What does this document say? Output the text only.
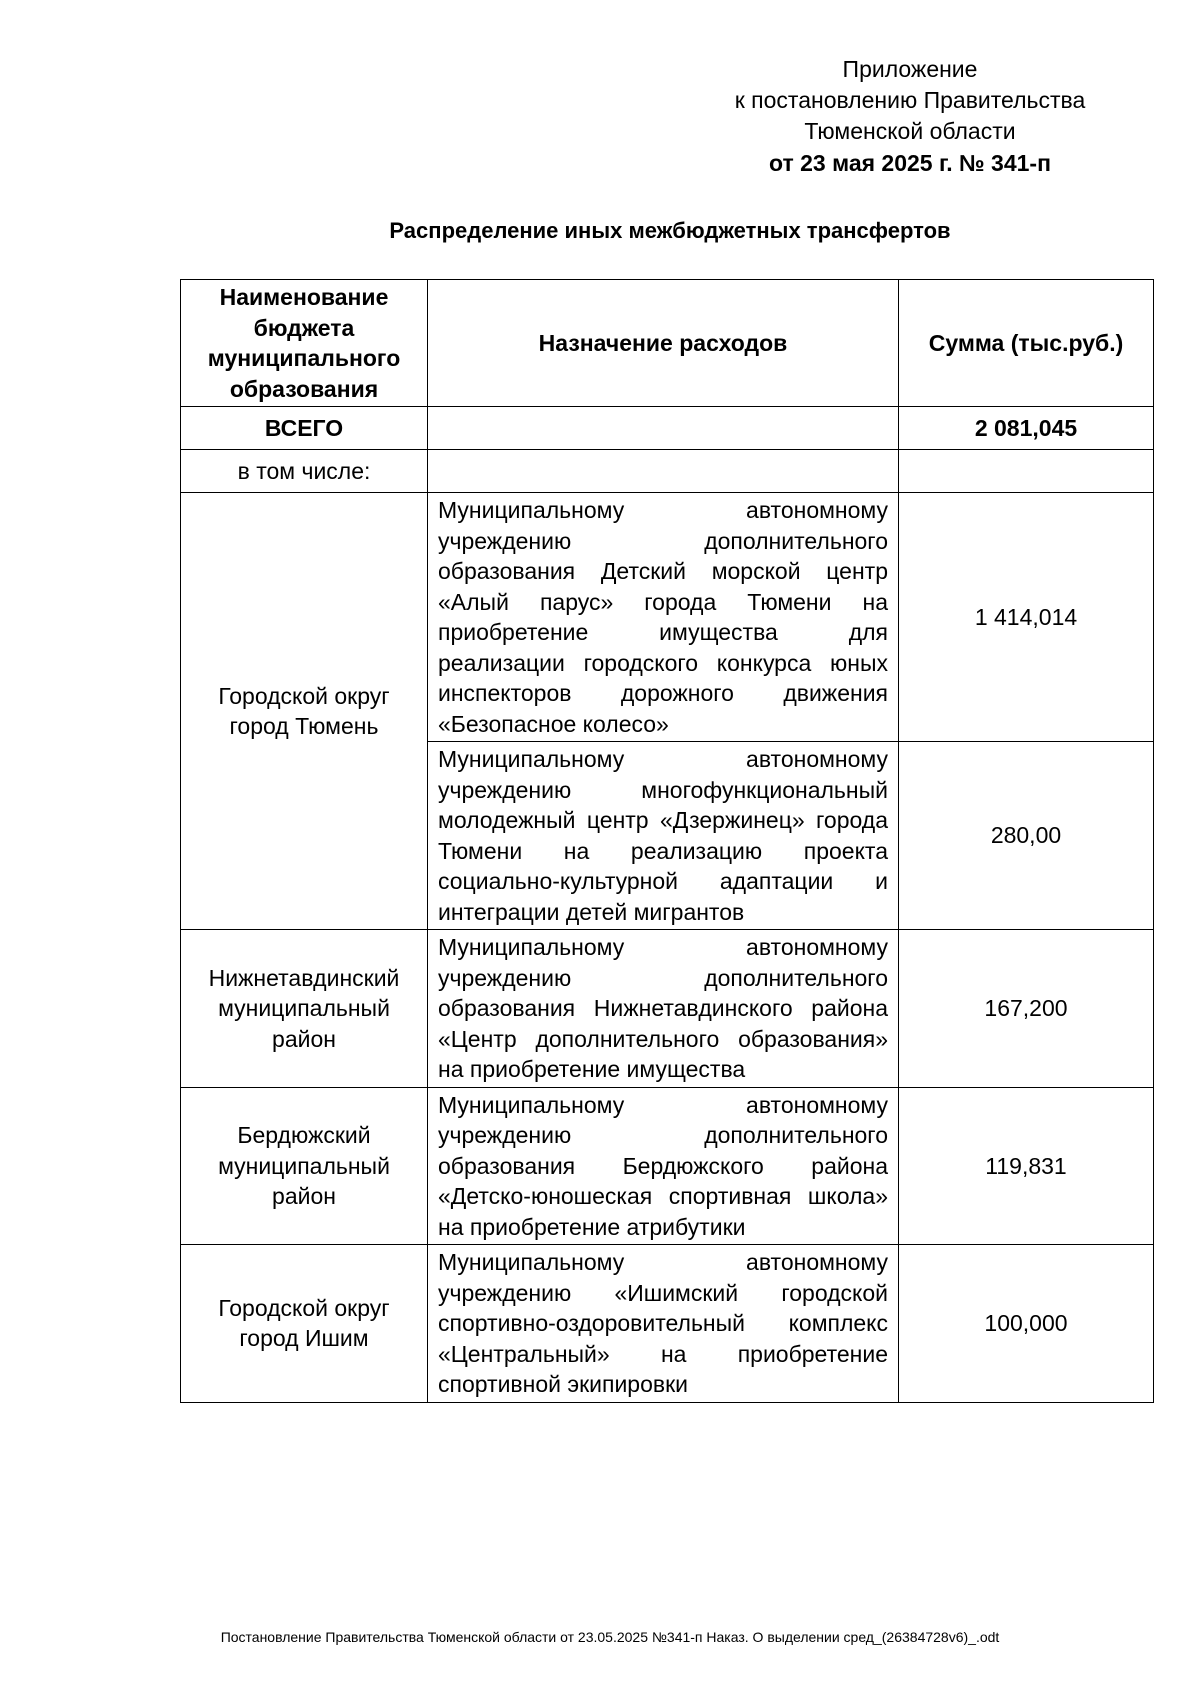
Приложение
к постановлению Правительства
Тюменской области
от 23 мая 2025 г. № 341-п
Распределение иных межбюджетных трансфертов
Наименование бюджета муниципального образования	Назначение расходов	Сумма (тыс.руб.)
ВСЕГО		2 081,045
в том числе:		
Городской округ город Тюмень	Муниципальному автономному учреждению дополнительного образования Детский морской центр «Алый парус» города Тюмени на приобретение имущества для реализации городского конкурса юных инспекторов дорожного движения «Безопасное колесо»	1 414,014
	Муниципальному автономному учреждению многофункциональный молодежный центр «Дзержинец» города Тюмени на реализацию проекта социально-культурной адаптации и интеграции детей мигрантов	280,00
Нижнетавдинский муниципальный район	Муниципальному автономному учреждению дополнительного образования Нижнетавдинского района «Центр дополнительного образования» на приобретение имущества	167,200
Бердюжский муниципальный район	Муниципальному автономному учреждению дополнительного образования Бердюжского района «Детско-юношеская спортивная школа» на приобретение атрибутики	119,831
Городской округ город Ишим	Муниципальному автономному учреждению «Ишимский городской спортивно-оздоровительный комплекс «Центральный» на приобретение спортивной экипировки	100,000
Постановление Правительства Тюменской области от 23.05.2025 №341-п Наказ. О выделении сред_(26384728v6)_.odt
